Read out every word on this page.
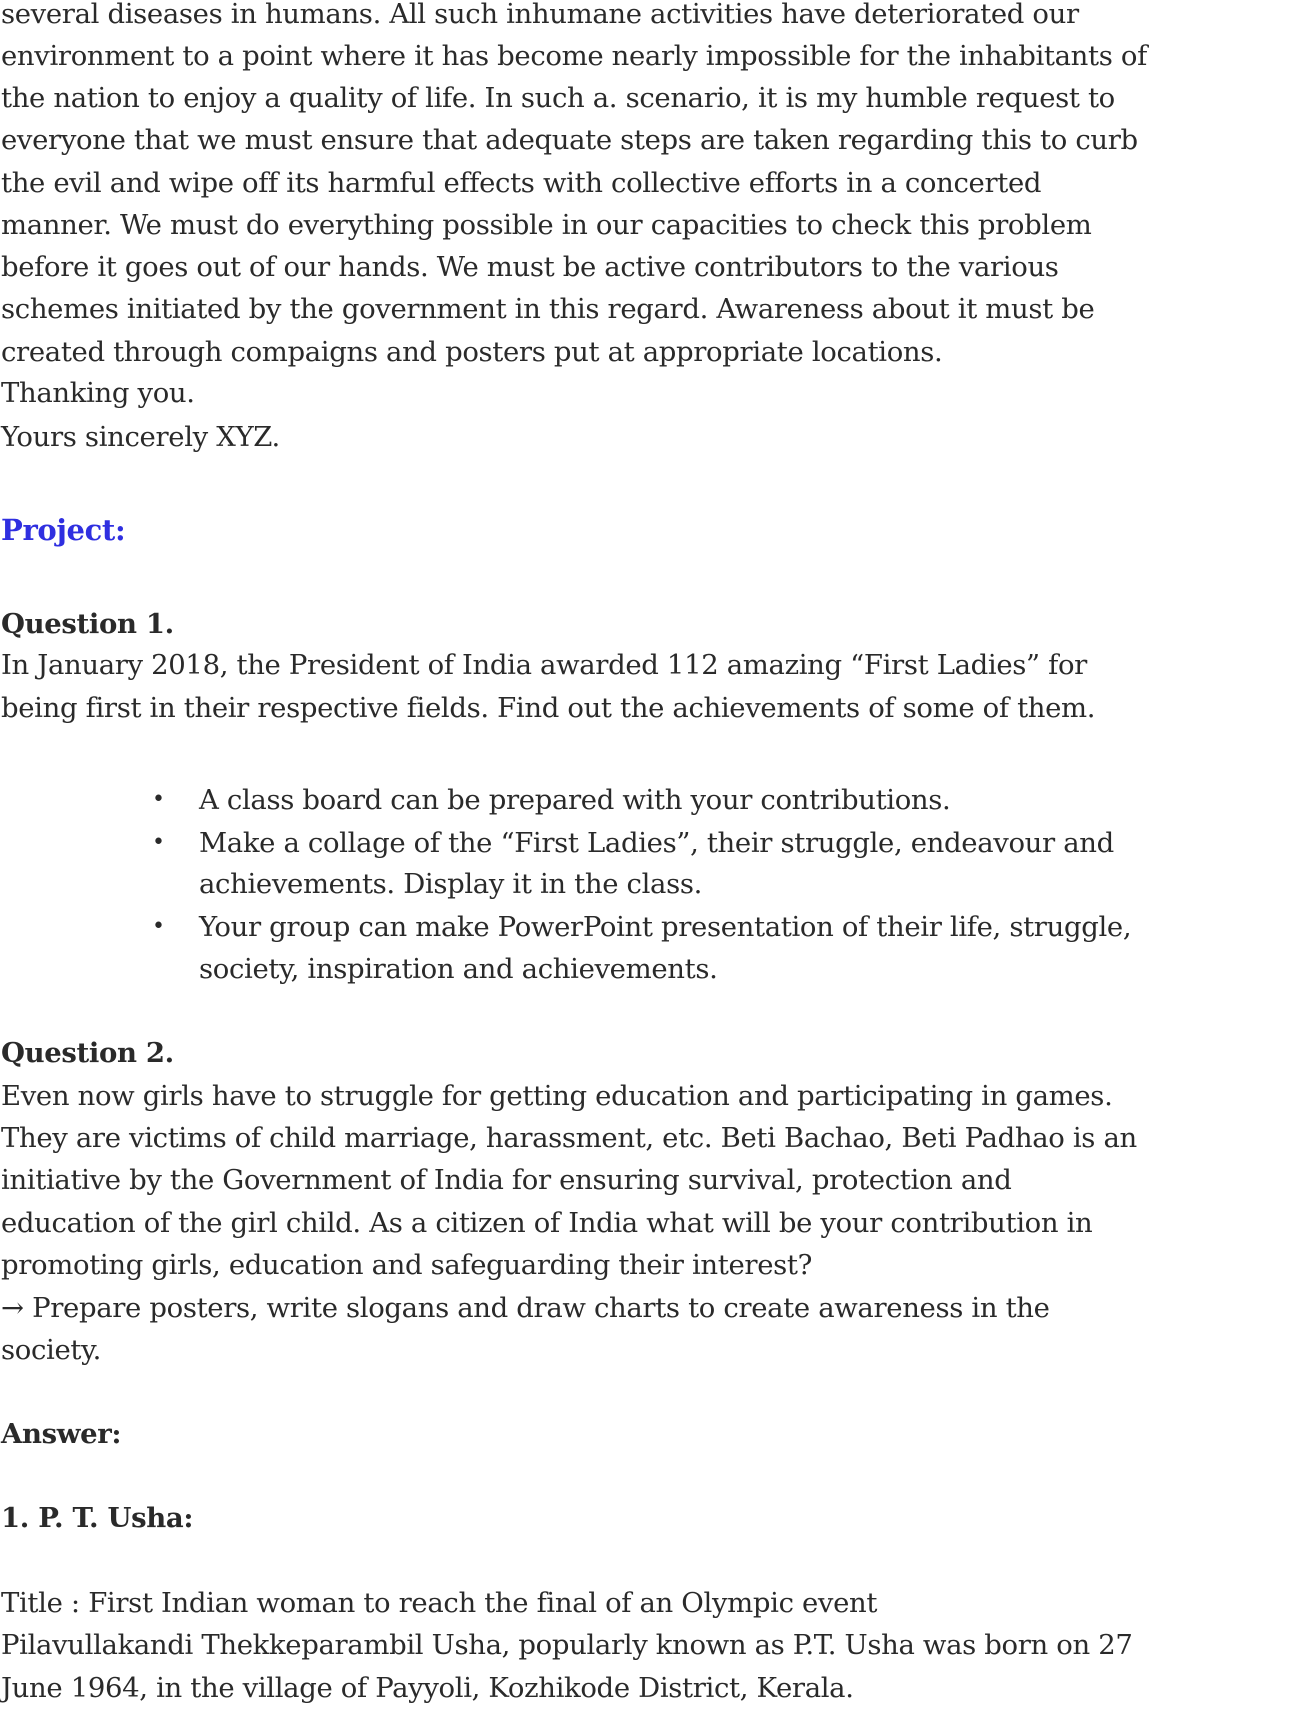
several diseases in humans. All such inhumane activities have deteriorated our
environment to a point where it has become nearly impossible for the inhabitants of
the nation to enjoy a quality of life. In such a. scenario, it is my humble request to
everyone that we must ensure that adequate steps are taken regarding this to curb
the evil and wipe off its harmful effects with collective efforts in a concerted
manner. We must do everything possible in our capacities to check this problem
before it goes out of our hands. We must be active contributors to the various
schemes initiated by the government in this regard. Awareness about it must be
created through compaigns and posters put at appropriate locations.
Thanking you.
Yours sincerely XYZ.
Project:
Question 1.
In January 2018, the President of India awarded 112 amazing “First Ladies” for
being first in their respective fields. Find out the achievements of some of them.
• A class board can be prepared with your contributions.
• Make a collage of the “First Ladies”, their struggle, endeavour and
achievements. Display it in the class.
• Your group can make PowerPoint presentation of their life, struggle,
society, inspiration and achievements.
Question 2.
Even now girls have to struggle for getting education and participating in games.
They are victims of child marriage, harassment, etc. Beti Bachao, Beti Padhao is an
initiative by the Government of India for ensuring survival, protection and
education of the girl child. As a citizen of India what will be your contribution in
promoting girls, education and safeguarding their interest?
→ Prepare posters, write slogans and draw charts to create awareness in the
society.
Answer:
1. P. T. Usha:
Title : First Indian woman to reach the final of an Olympic event
Pilavullakandi Thekkeparambil Usha, popularly known as P.T. Usha was born on 27
June 1964, in the village of Payyoli, Kozhikode District, Kerala.
